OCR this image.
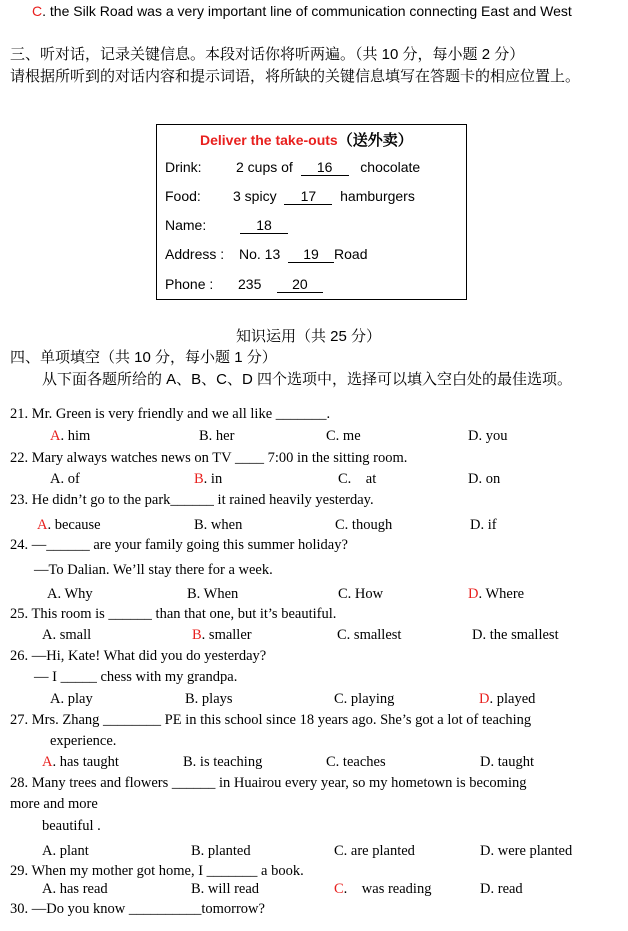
C. the Silk Road was a very important line of communication connecting East and West
三、听对话，记录关键信息。本段对话你将听两遍。（共 10 分，每小题 2 分）
请根据所听到的对话内容和提示词语，将所缺的关键信息填写在答题卡的相应位置上。
Deliver the take-outs（送外卖）
Drink: 2 cups of 16 chocolate
Food: 3 spicy 17 hamburgers
Name:	18
Address : No. 13 19 Road
Phone : 235 20
知识运用（共 25 分）
四、单项填空（共 10 分，每小题 1 分）
从下面各题所给的 A、B、C、D 四个选项中，选择可以填入空白处的最佳选项。
21. Mr. Green is very friendly and we all like _______.
A. him	B. her	C. me	D. you
22. Mary always watches news on TV ____ 7:00 in the sitting room.
A. of	B. in	C.    at	D. on
23. He didn’t go to the park______ it rained heavily yesterday.
A. because	B. when	C. though	D. if
24. —______ are your family going this summer holiday?
—To Dalian. We’ll stay there for a week.
A. Why	B. When	C. How	D. Where
25. This room is ______ than that one, but it’s beautiful.
A. small	B. smaller	C. smallest	D. the smallest
26. —Hi, Kate! What did you do yesterday?
— I _____ chess with my grandpa.
A. play	B. plays	C. playing	D. played
27. Mrs. Zhang ________ PE in this school since 18 years ago. She’s got a lot of teaching
experience.
A. has taught	B. is teaching	C. teaches	D. taught
28. Many trees and flowers ______ in Huairou every year, so my hometown is becoming
more and more
beautiful .
A. plant	B. planted	C. are planted	D. were planted
29. When my mother got home, I _______ a book.
A. has read	B. will read	C.    was reading	D. read
30. —Do you know __________tomorrow?
